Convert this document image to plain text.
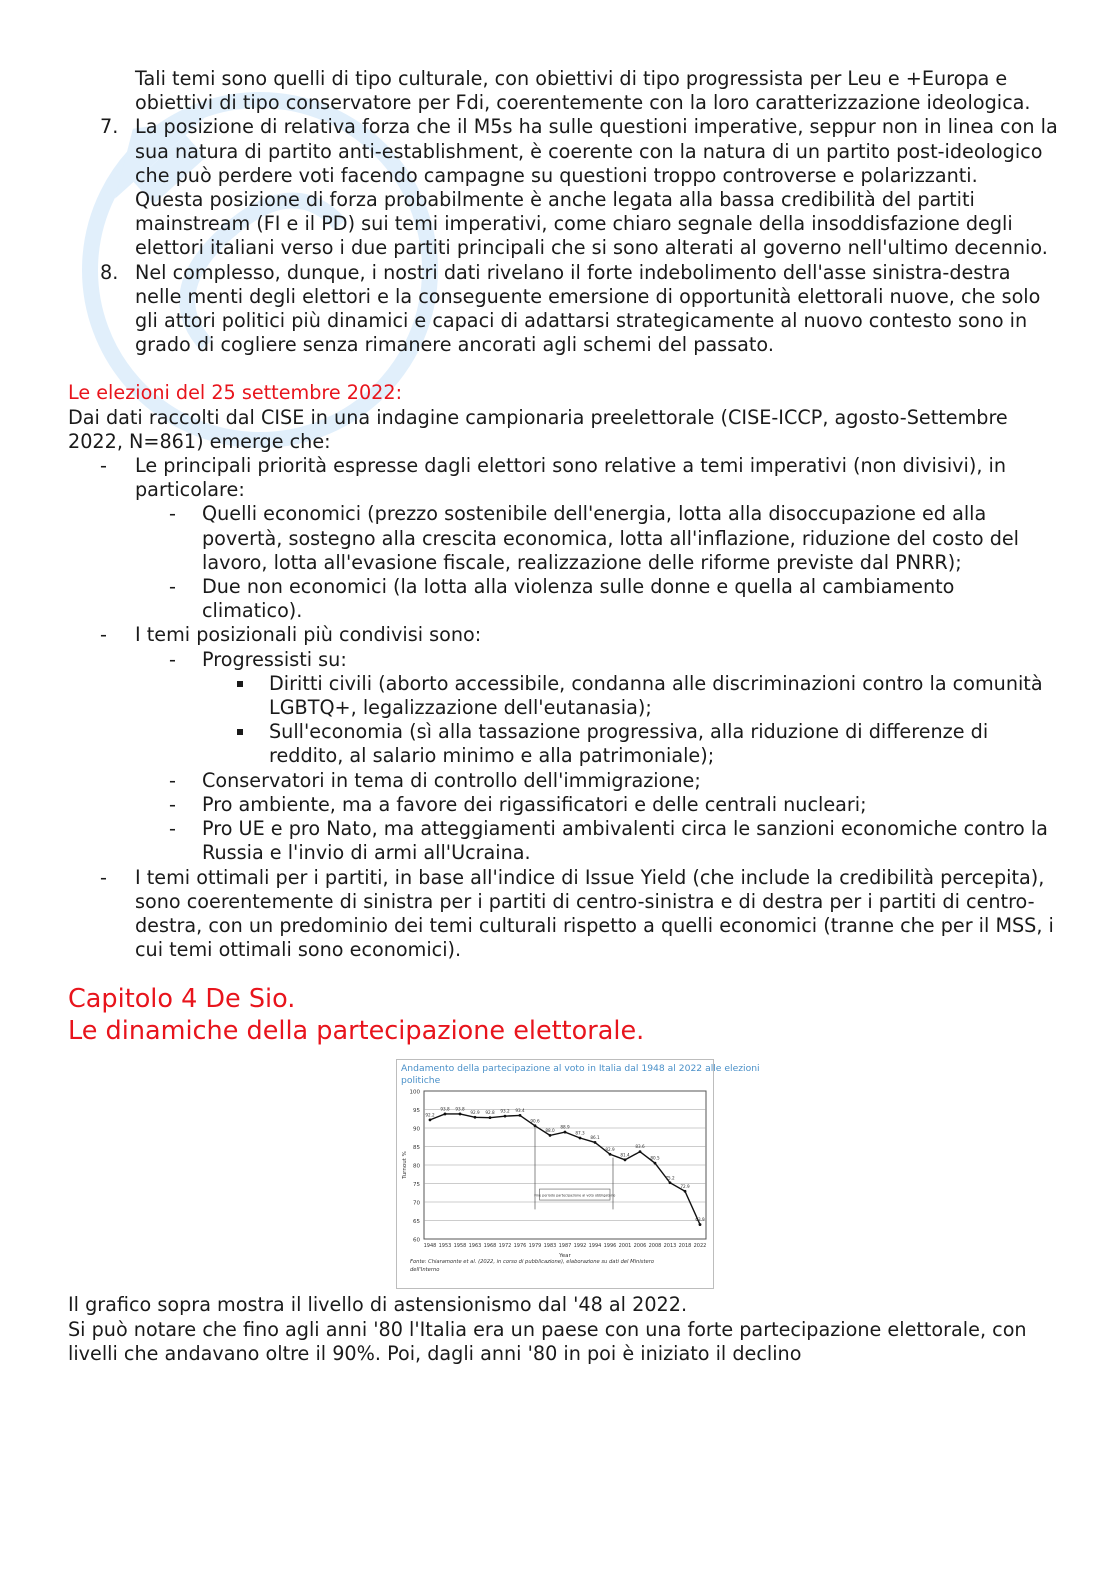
Tali temi sono quelli di tipo culturale, con obiettivi di tipo progressista per Leu e +Europa e obiettivi di tipo conservatore per Fdi, coerentemente con la loro caratterizzazione ideologica.

7. La posizione di relativa forza che il M5s ha sulle questioni imperative, seppur non in linea con la sua natura di partito anti-establishment, è coerente con la natura di un partito post-ideologico che può perdere voti facendo campagne su questioni troppo controverse e polarizzanti.

Questa posizione di forza probabilmente è anche legata alla bassa credibilità del partiti mainstream (FI e il PD) sui temi imperativi, come chiaro segnale della insoddisfazione degli elettori italiani verso i due partiti principali che si sono alterati al governo nell'ultimo decennio.

8. Nel complesso, dunque, i nostri dati rivelano il forte indebolimento dell'asse sinistra-destra nelle menti degli elettori e la conseguente emersione di opportunità elettorali nuove, che solo gli attori politici più dinamici e capaci di adattarsi strategicamente al nuovo contesto sono in grado di cogliere senza rimanere ancorati agli schemi del passato.

Le elezioni del 25 settembre 2022:

Dai dati raccolti dal CISE in una indagine campionaria preelettorale (CISE-ICCP, agosto-Settembre 2022, N=861) emerge che:

- Le principali priorità espresse dagli elettori sono relative a temi imperativi (non divisivi), in particolare:
- Quelli economici (prezzo sostenibile dell'energia, lotta alla disoccupazione ed alla povertà, sostegno alla crescita economica, lotta all'inflazione, riduzione del costo del lavoro, lotta all'evasione fiscale, realizzazione delle riforme previste dal PNRR);
- Due non economici (la lotta alla violenza sulle donne e quella al cambiamento climatico).
- I temi posizionali più condivisi sono:
- Progressisti su:
Diritti civili (aborto accessibile, condanna alle discriminazioni contro la comunità LGBTQ+, legalizzazione dell'eutanasia);
Sull'economia (sì alla tassazione progressiva, alla riduzione di differenze di reddito, al salario minimo e alla patrimoniale);
- Conservatori in tema di controllo dell'immigrazione;
- Pro ambiente, ma a favore dei rigassificatori e delle centrali nucleari;
- Pro UE e pro Nato, ma atteggiamenti ambivalenti circa le sanzioni economiche contro la Russia e l'invio di armi all'Ucraina.
- I temi ottimali per i partiti, in base all'indice di Issue Yield (che include la credibilità percepita), sono coerentemente di sinistra per i partiti di centro-sinistra e di destra per i partiti di centro-destra, con un predominio dei temi culturali rispetto a quelli economici (tranne che per il MSS, i cui temi ottimali sono economici).

Capitolo 4 De Sio.

Le dinamiche della partecipazione elettorale.

Andamento della partecipazione al voto in Italia dal 1948 al 2022 alle elezioni
politiche
60
65
70
75
80
85
90
95
100
1948 1953 1958 1963 1968 1972 1976 1979 1983 1987 1992 1994 1996 2001 2006 2008 2013 2018 2022
Year
Turnout %
Fine periodo partecipazione al voto obbligatorio
92.2
93.8 93.8
92.9 92.8 93.2 93.4
90.6
88.0
88.9
87.3
86.1
82.9
81.4
83.6
80.5
75.2
72.9
63.9
Fonte: Chiaramonte et al. (2022, in corso di pubblicazione), elaborazione su dati del Ministero
dell'Interno

Il grafico sopra mostra il livello di astensionismo dal '48 al 2022.

Si può notare che fino agli anni '80 l'Italia era un paese con una forte partecipazione elettorale, con livelli che andavano oltre il 90%. Poi, dagli anni '80 in poi è iniziato il declino
